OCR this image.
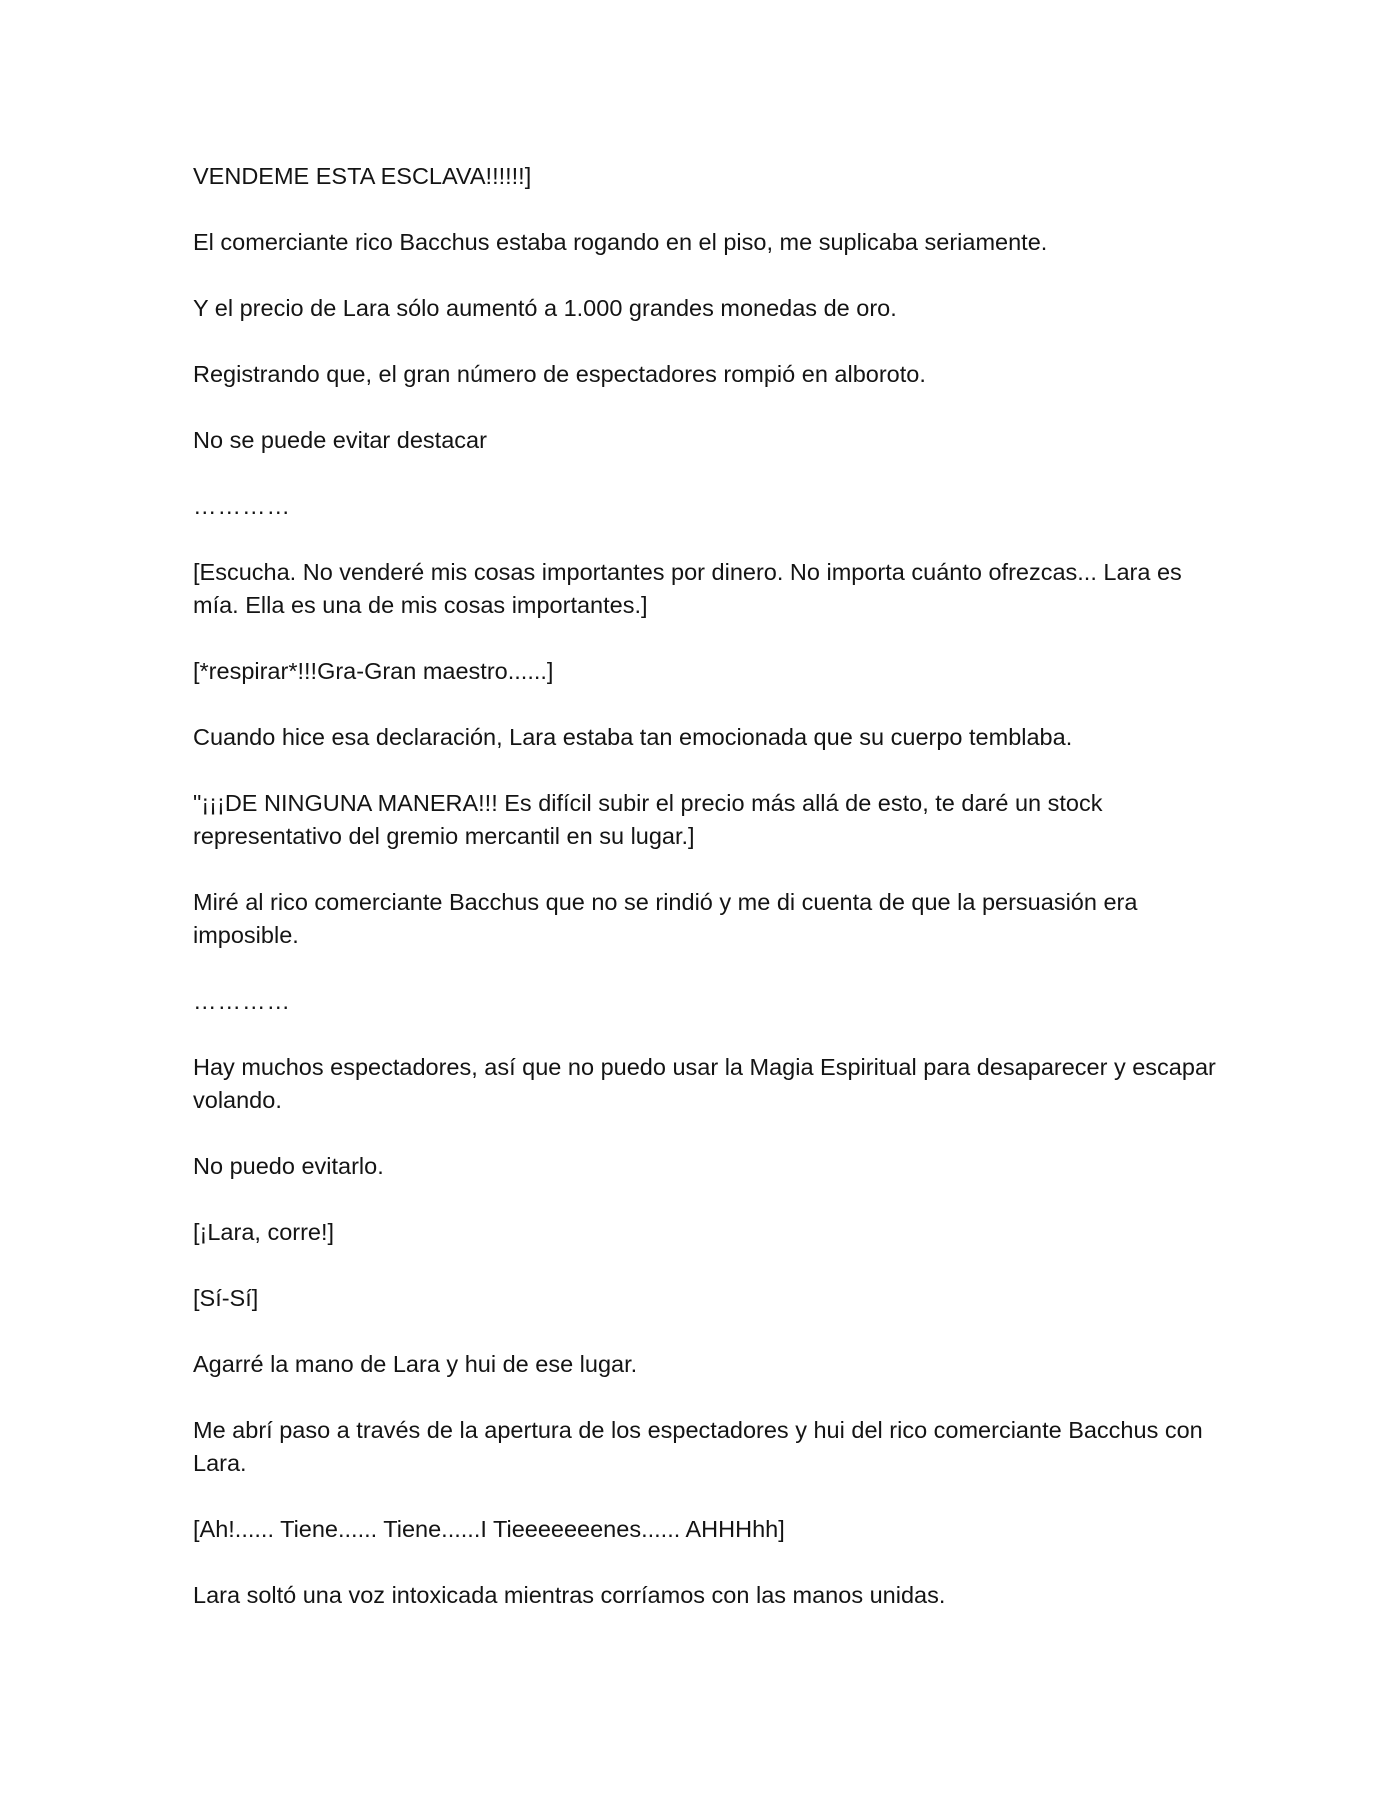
VENDEME ESTA ESCLAVA!!!!!!]

El comerciante rico Bacchus estaba rogando en el piso, me suplicaba seriamente.

Y el precio de Lara sólo aumentó a 1.000 grandes monedas de oro.

Registrando que, el gran número de espectadores rompió en alboroto.

No se puede evitar destacar

…………

[Escucha. No venderé mis cosas importantes por dinero. No importa cuánto ofrezcas... Lara es mía. Ella es una de mis cosas importantes.]

[*respirar*!!!Gra-Gran maestro......]

Cuando hice esa declaración, Lara estaba tan emocionada que su cuerpo temblaba.

"¡¡¡DE NINGUNA MANERA!!! Es difícil subir el precio más allá de esto, te daré un stock representativo del gremio mercantil en su lugar.]

Miré al rico comerciante Bacchus que no se rindió y me di cuenta de que la persuasión era imposible.

…………

Hay muchos espectadores, así que no puedo usar la Magia Espiritual para desaparecer y escapar volando.

No puedo evitarlo.

[¡Lara, corre!]

[Sí-Sí]

Agarré la mano de Lara y hui de ese lugar.

Me abrí paso a través de la apertura de los espectadores y hui del rico comerciante Bacchus con Lara.

[Ah!...... Tiene...... Tiene......I Tieeeeeeenes...... AHHHhh]

Lara soltó una voz intoxicada mientras corríamos con las manos unidas.
